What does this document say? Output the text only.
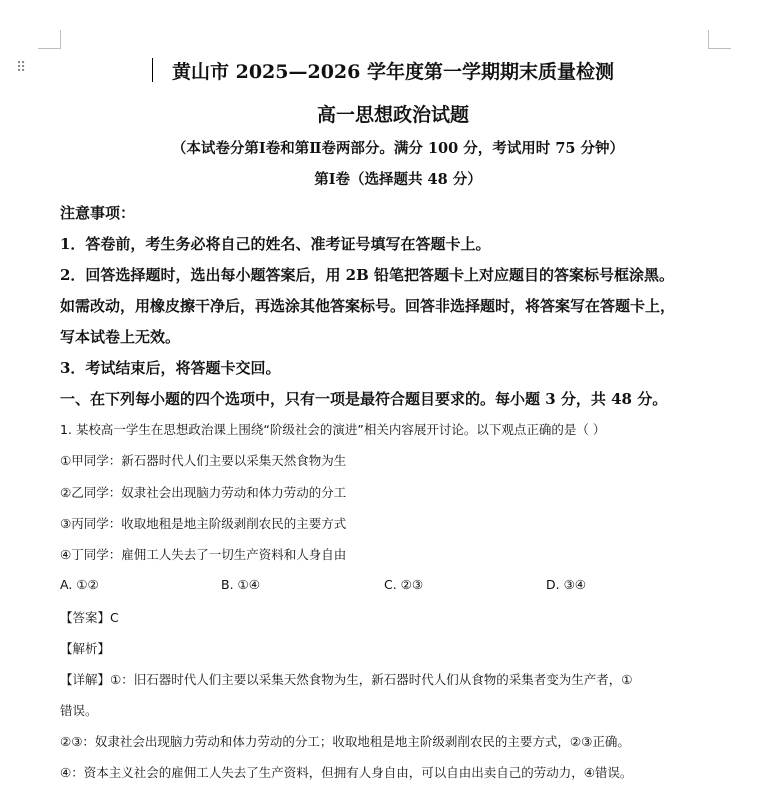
⠿	黄山市 2025—2026 学年度第一学期期末质量检测
高一思想政治试题
（本试卷分第Ⅰ卷和第Ⅱ卷两部分。满分 100 分，考试用时 75 分钟）
第Ⅰ卷（选择题共 48 分）
注意事项：
1．答卷前，考生务必将自己的姓名、准考证号填写在答题卡上。
2．回答选择题时，选出每小题答案后，用 2B 铅笔把答题卡上对应题目的答案标号框涂黑。
如需改动，用橡皮擦干净后，再选涂其他答案标号。回答非选择题时，将答案写在答题卡上，
写本试卷上无效。
3．考试结束后，将答题卡交回。
一、在下列每小题的四个选项中，只有一项是最符合题目要求的。每小题 3 分，共 48 分。
1. 某校高一学生在思想政治课上围绕“阶级社会的演进”相关内容展开讨论。以下观点正确的是（ ）
①甲同学：新石器时代人们主要以采集天然食物为生
②乙同学：奴隶社会出现脑力劳动和体力劳动的分工
③丙同学：收取地租是地主阶级剥削农民的主要方式
④丁同学：雇佣工人失去了一切生产资料和人身自由
A. ①②	B. ①④	C. ②③	D. ③④
【答案】C
【解析】
【详解】①：旧石器时代人们主要以采集天然食物为生，新石器时代人们从食物的采集者变为生产者，①
错误。
②③：奴隶社会出现脑力劳动和体力劳动的分工；收取地租是地主阶级剥削农民的主要方式，②③正确。
④：资本主义社会的雇佣工人失去了生产资料，但拥有人身自由，可以自由出卖自己的劳动力，④错误。
